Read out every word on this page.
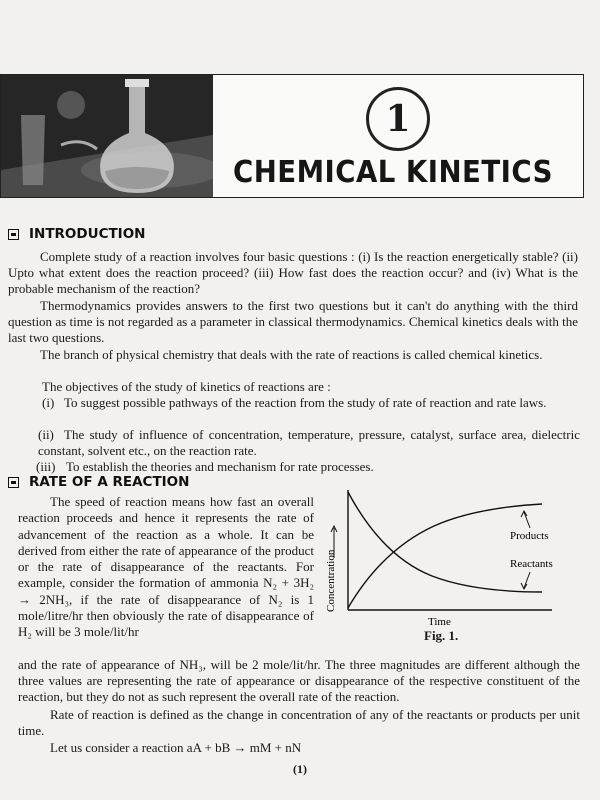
1
CHEMICAL KINETICS
INTRODUCTION

Complete study of a reaction involves four basic questions : (i) Is the reaction energetically stable? (ii) Upto what extent does the reaction proceed? (iii) How fast does the reaction occur? and (iv) What is the probable mechanism of the reaction?

Thermodynamics provides answers to the first two questions but it can't do anything with the third question as time is not regarded as a parameter in classical thermodynamics. Chemical kinetics deals with the last two questions.

The branch of physical chemistry that deals with the rate of reactions is called chemical kinetics.

The objectives of the study of kinetics of reactions are :

(i) To suggest possible pathways of the reaction from the study of rate of reaction and rate laws.
(ii) The study of influence of concentration, temperature, pressure, catalyst, surface area, dielectric constant, solvent etc., on the reaction rate.
(iii) To establish the theories and mechanism for rate processes.
RATE OF A REACTION

The speed of reaction means how fast an overall reaction proceeds and hence it represents the rate of advancement of the reaction as a whole. It can be derived from either the rate of appearance of the product or the rate of disappearance of the reactants. For example, consider the formation of ammonia N₂ + 3H₂ → 2NH₃, if the rate of disappearance of N₂ is 1 mole/litre/hr then obviously the rate of disappearance of H₂ will be 3 mole/lit/hr

Concentration
Time
Products
Reactants
Fig. 1.

and the rate of appearance of NH₃, will be 2 mole/lit/hr. The three magnitudes are different although the three values are representing the rate of appearance or disappearance of the respective constituent of the reaction, but they do not as such represent the overall rate of the reaction.

Rate of reaction is defined as the change in concentration of any of the reactants or products per unit time.

Let us consider a reaction aA + bB → mM + nN

(1)
